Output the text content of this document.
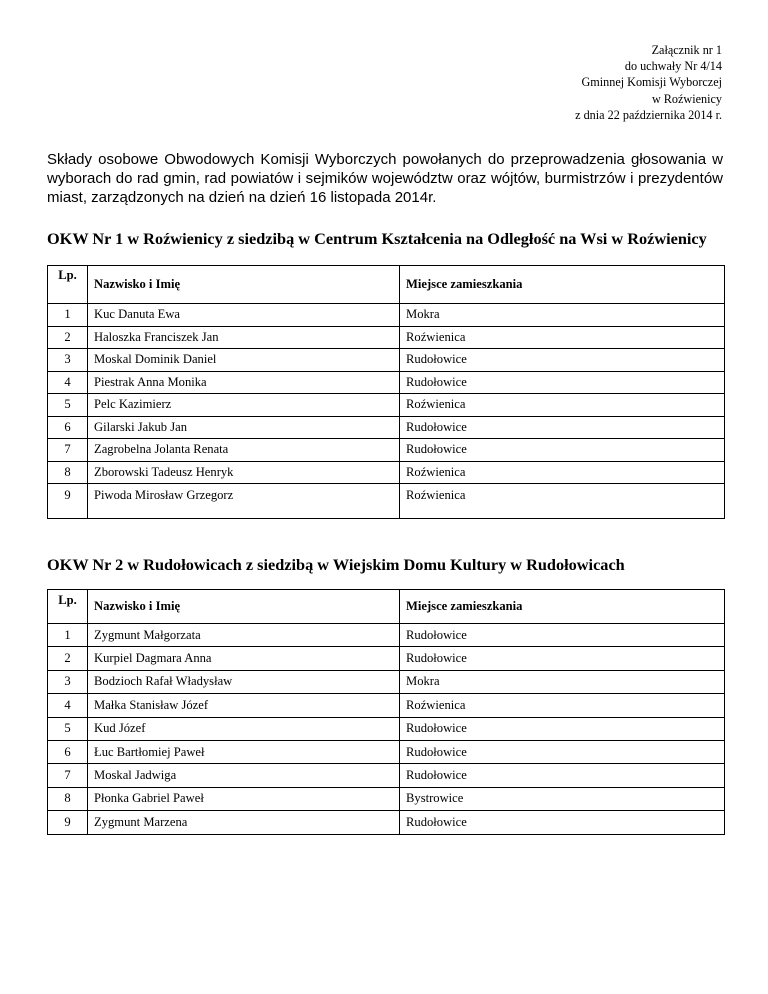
Załącznik nr 1
do uchwały Nr 4/14
Gminnej Komisji Wyborczej
w Roźwienicy
z dnia 22 października 2014 r.
Składy osobowe Obwodowych Komisji Wyborczych powołanych do przeprowadzenia głosowania w wyborach do rad gmin, rad powiatów i sejmików województw oraz wójtów, burmistrzów i prezydentów miast, zarządzonych na dzień na dzień 16 listopada 2014r.
OKW Nr 1 w Roźwienicy z siedzibą w Centrum Kształcenia na Odległość na Wsi w Roźwienicy
Lp.	Nazwisko i Imię	Miejsce zamieszkania
1	Kuc Danuta Ewa	Mokra
2	Haloszka Franciszek Jan	Roźwienica
3	Moskal Dominik Daniel	Rudołowice
4	Piestrak Anna Monika	Rudołowice
5	Pelc Kazimierz	Roźwienica
6	Gilarski Jakub Jan	Rudołowice
7	Zagrobelna Jolanta Renata	Rudołowice
8	Zborowski Tadeusz Henryk	Roźwienica
9	Piwoda Mirosław Grzegorz	Roźwienica
OKW Nr 2 w Rudołowicach z siedzibą w Wiejskim Domu Kultury w Rudołowicach
Lp.	Nazwisko i Imię	Miejsce zamieszkania
1	Zygmunt Małgorzata	Rudołowice
2	Kurpiel Dagmara Anna	Rudołowice
3	Bodzioch Rafał Władysław	Mokra
4	Małka Stanisław Józef	Roźwienica
5	Kud Józef	Rudołowice
6	Łuc Bartłomiej Paweł	Rudołowice
7	Moskal Jadwiga	Rudołowice
8	Płonka Gabriel Paweł	Bystrowice
9	Zygmunt Marzena	Rudołowice
